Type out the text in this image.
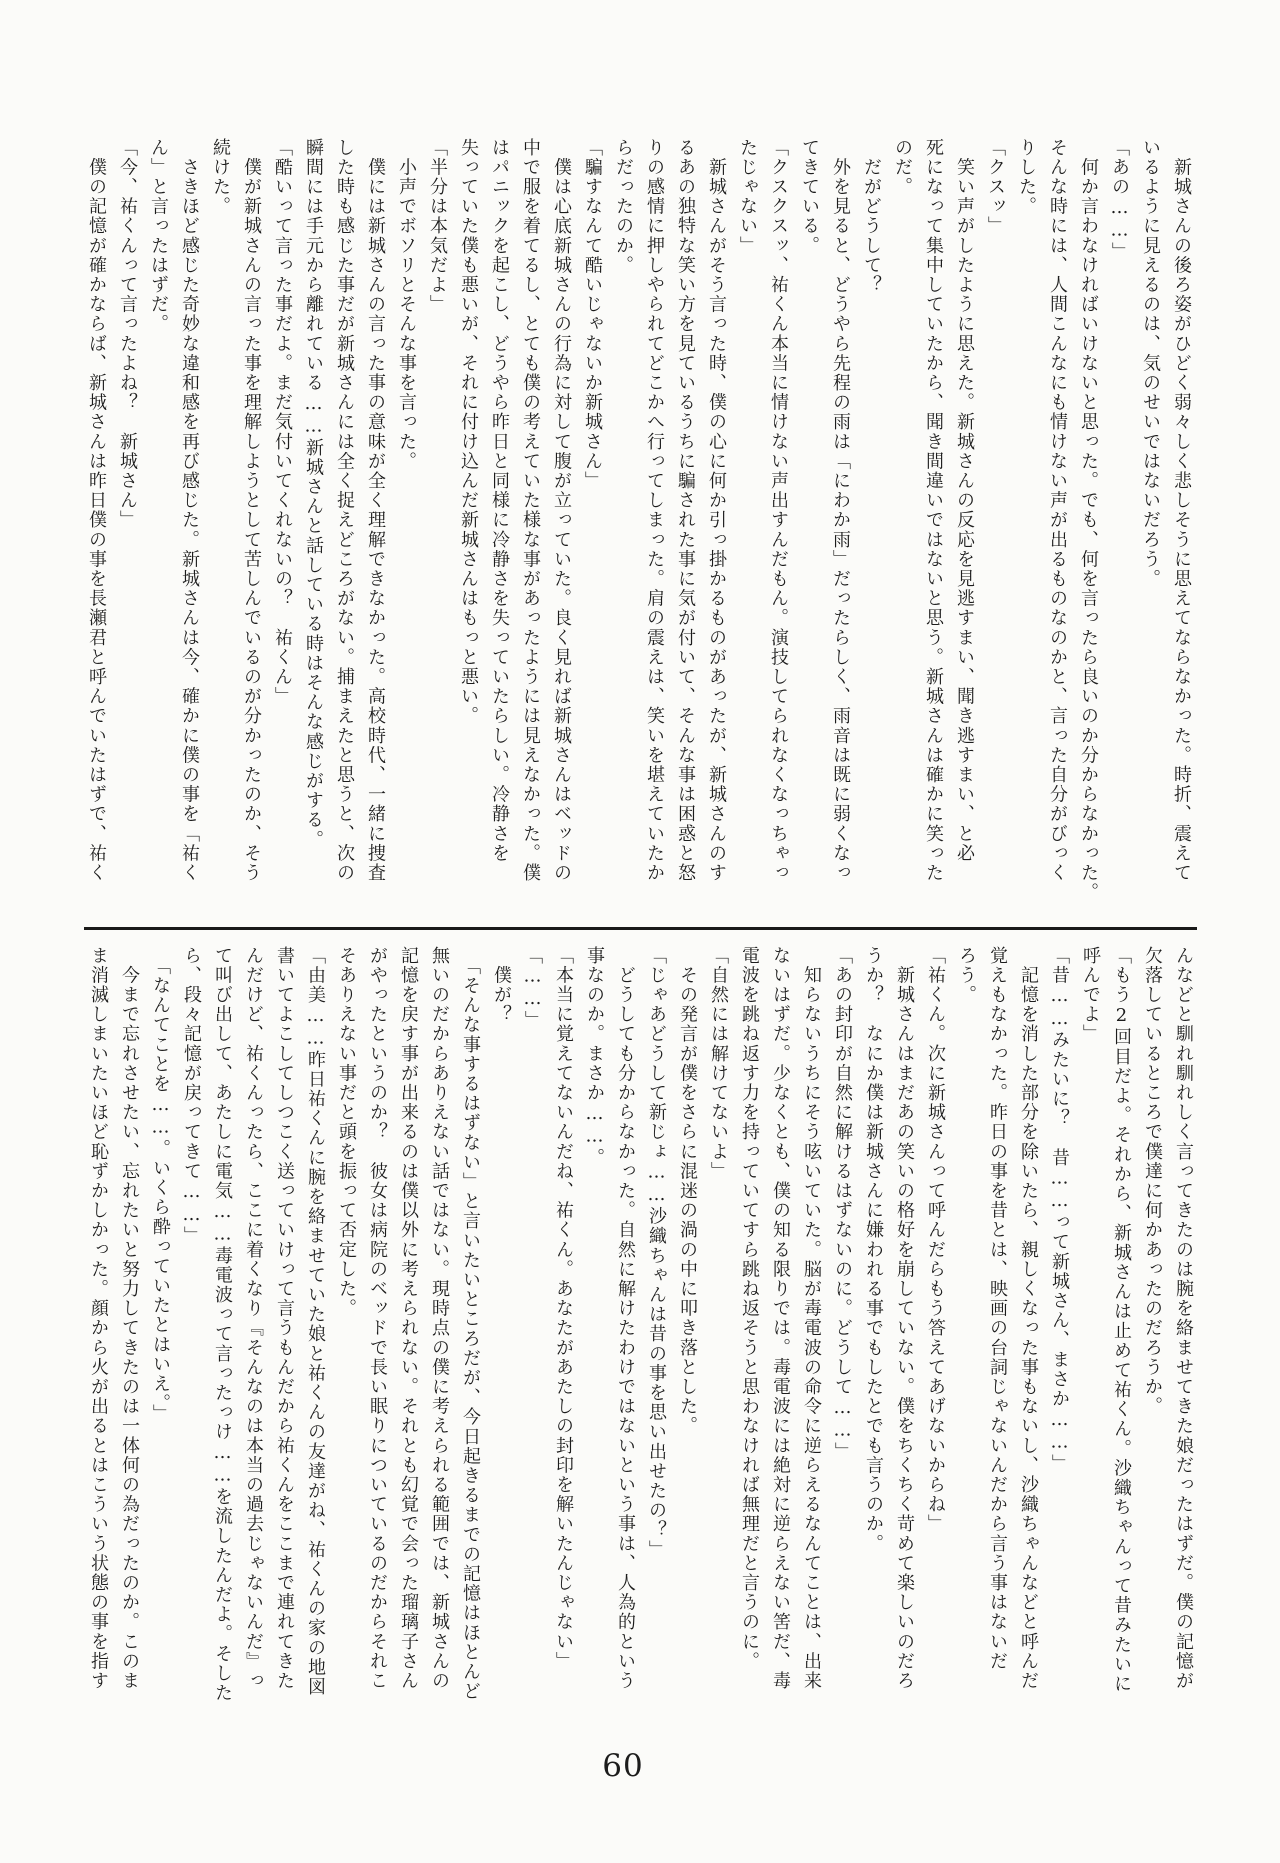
　新城さんの後ろ姿がひどく弱々しく悲しそうに思えてならなかった。時折、震えて
いるように見えるのは、気のせいではないだろう。
「あの……」
　何か言わなければいけないと思った。でも、何を言ったら良いのか分からなかった。
そんな時には、人間こんなにも情けない声が出るものなのかと、言った自分がびっく
りした。
「クスッ」
　笑い声がしたように思えた。新城さんの反応を見逃すまい、聞き逃すまい、と必
死になって集中していたから、聞き間違いではないと思う。新城さんは確かに笑った
のだ。
　だがどうして？
　外を見ると、どうやら先程の雨は「にわか雨」だったらしく、雨音は既に弱くなっ
てきている。
「クスクスッ、祐くん本当に情けない声出すんだもん。演技してられなくなっちゃっ
たじゃない」
　新城さんがそう言った時、僕の心に何か引っ掛かるものがあったが、新城さんのす
るあの独特な笑い方を見ているうちに騙された事に気が付いて、そんな事は困惑と怒
りの感情に押しやられてどこかへ行ってしまった。肩の震えは、笑いを堪えていたか
らだったのか。
「騙すなんて酷いじゃないか新城さん」
　僕は心底新城さんの行為に対して腹が立っていた。良く見れば新城さんはベッドの
中で服を着てるし、とても僕の考えていた様な事があったようには見えなかった。僕
はパニックを起こし、どうやら昨日と同様に冷静さを失っていたらしい。冷静さを
失っていた僕も悪いが、それに付け込んだ新城さんはもっと悪い。
「半分は本気だよ」
　小声でボソリとそんな事を言った。
　僕には新城さんの言った事の意味が全く理解できなかった。高校時代、一緒に捜査
した時も感じた事だが新城さんには全く捉えどころがない。捕まえたと思うと、次の
瞬間には手元から離れている……新城さんと話している時はそんな感じがする。
「酷いって言った事だよ。まだ気付いてくれないの？　祐くん」
　僕が新城さんの言った事を理解しようとして苦しんでいるのが分かったのか、そう
続けた。
　さきほど感じた奇妙な違和感を再び感じた。新城さんは今、確かに僕の事を「祐く
ん」と言ったはずだ。
「今、祐くんって言ったよね？　新城さん」
　僕の記憶が確かならば、新城さんは昨日僕の事を長瀬君と呼んでいたはずで、祐く
んなどと馴れ馴れしく言ってきたのは腕を絡ませてきた娘だったはずだ。僕の記憶が
欠落しているところで僕達に何かあったのだろうか。
「もう2回目だよ。それから、新城さんは止めて祐くん。沙織ちゃんって昔みたいに
呼んでよ」
「昔……みたいに？　昔……って新城さん、まさか……」
　記憶を消した部分を除いたら、親しくなった事もないし、沙織ちゃんなどと呼んだ
覚えもなかった。昨日の事を昔とは、映画の台詞じゃないんだから言う事はないだ
ろう。
「祐くん。次に新城さんって呼んだらもう答えてあげないからね」
　新城さんはまだあの笑いの格好を崩していない。僕をちくちく苛めて楽しいのだろ
うか？　なにか僕は新城さんに嫌われる事でもしたとでも言うのか。
「あの封印が自然に解けるはずないのに。どうして……」
　知らないうちにそう呟いていた。脳が毒電波の命令に逆らえるなんてことは、出来
ないはずだ。少なくとも、僕の知る限りでは。毒電波には絶対に逆らえない筈だ、毒
電波を跳ね返す力を持っていてすら跳ね返そうと思わなければ無理だと言うのに。
「自然には解けてないよ」
　その発言が僕をさらに混迷の渦の中に叩き落とした。
「じゃあどうして新じょ……沙織ちゃんは昔の事を思い出せたの？」
　どうしても分からなかった。自然に解けたわけではないという事は、人為的という
事なのか。まさか……。
「本当に覚えてないんだね、祐くん。あなたがあたしの封印を解いたんじゃない」
「……」
　僕が？
　「そんな事するはずない」と言いたいところだが、今日起きるまでの記憶はほとんど
無いのだからありえない話ではない。現時点の僕に考えられる範囲では、新城さんの
記憶を戻す事が出来るのは僕以外に考えられない。それとも幻覚で会った瑠璃子さん
がやったというのか？　彼女は病院のベッドで長い眠りについているのだからそれこ
そありえない事だと頭を振って否定した。
「由美……昨日祐くんに腕を絡ませていた娘と祐くんの友達がね、祐くんの家の地図
書いてよこしてしつこく送っていけって言うもんだから祐くんをここまで連れてきた
んだけど、祐くんったら、ここに着くなり『そんなのは本当の過去じゃないんだ』っ
て叫び出して、あたしに電気……毒電波って言ったっけ……を流したんだよ。そした
ら、段々記憶が戻ってきて……」
　「なんてことを……。いくら酔っていたとはいえ。」
　今まで忘れさせたい、忘れたいと努力してきたのは一体何の為だったのか。このま
ま消滅しまいたいほど恥ずかしかった。顔から火が出るとはこういう状態の事を指す
60
